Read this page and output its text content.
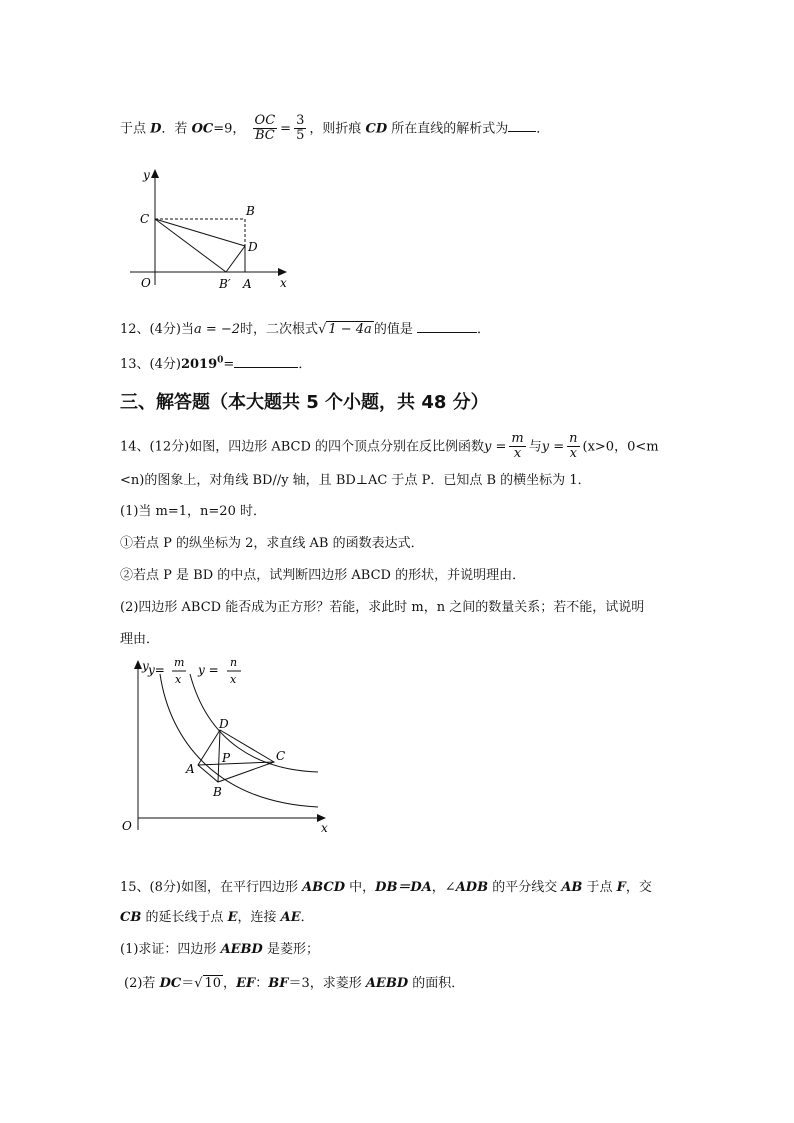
于点 D．若 OC=9， $\frac{OC}{BC} = \frac{3}{5}$ ，则折痕 CD 所在直线的解析式为 ．
y
x
O
C
B
D
B′ A
12、(4分)当a = −2时，二次根式√ 1 − 4a 的值是	．
13、(4分)$2019^0=$	．
三、解答题（本大题共 5 个小题，共 48 分）
14、(12分)如图，四边形 ABCD 的四个顶点分别在反比例函数$y = \frac{m}{x}$ 与$y = \frac{n}{x} (x>0$，0<m
<n)的图象上，对角线 BD//y 轴，且 BD⊥AC 于点 P．已知点 B 的横坐标为 1．
(1)当 m=1，n=20 时．
①若点 P 的纵坐标为 2，求直线 AB 的函数表达式．
②若点 P 是 BD 的中点，试判断四边形 ABCD 的形状，并说明理由．
(2)四边形 ABCD 能否成为正方形？若能，求此时 m，n 之间的数量关系；若不能，试说明
理由．
y y=
m
x
y =
n
x
D
P	C
A
B
O	x
15、(8分)如图，在平行四边形 ABCD 中，DB＝DA，∠ADB 的平分线交 AB 于点 F，交
CB 的延长线于点 E，连接 AE．
(1)求证：四边形 AEBD 是菱形；
(2)若 DC＝√ 10 ，EF：BF＝3，求菱形 AEBD 的面积．
